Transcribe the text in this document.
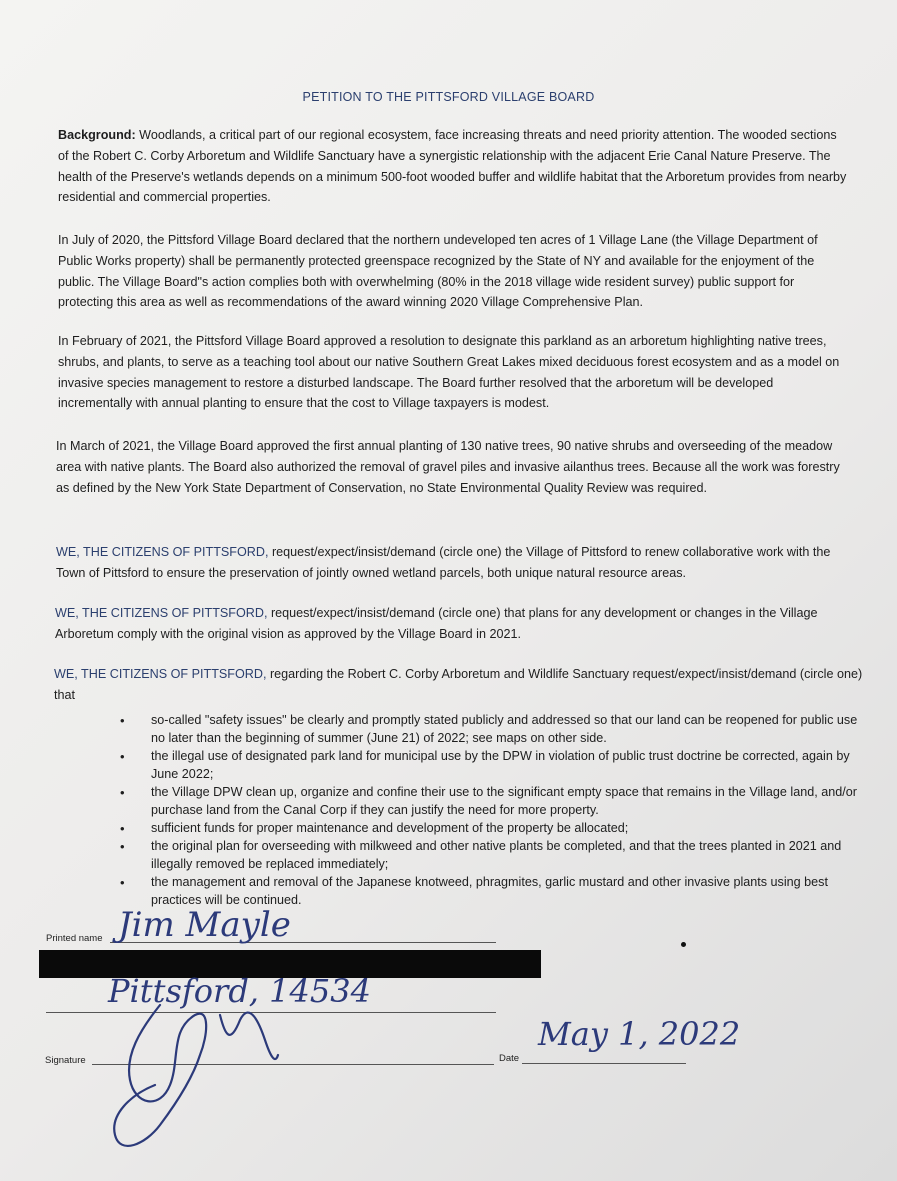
PETITION TO THE PITTSFORD VILLAGE BOARD

Background: Woodlands, a critical part of our regional ecosystem, face increasing threats and need priority attention. The wooded sections of the Robert C. Corby Arboretum and Wildlife Sanctuary have a synergistic relationship with the adjacent Erie Canal Nature Preserve. The health of the Preserve's wetlands depends on a minimum 500-foot wooded buffer and wildlife habitat that the Arboretum provides from nearby residential and commercial properties.

In July of 2020, the Pittsford Village Board declared that the northern undeveloped ten acres of 1 Village Lane (the Village Department of Public Works property) shall be permanently protected greenspace recognized by the State of NY and available for the enjoyment of the public. The Village Board"s action complies both with overwhelming (80% in the 2018 village wide resident survey) public support for protecting this area as well as recommendations of the award winning 2020 Village Comprehensive Plan.

In February of 2021, the Pittsford Village Board approved a resolution to designate this parkland as an arboretum highlighting native trees, shrubs, and plants, to serve as a teaching tool about our native Southern Great Lakes mixed deciduous forest ecosystem and as a model on invasive species management to restore a disturbed landscape. The Board further resolved that the arboretum will be developed incrementally with annual planting to ensure that the cost to Village taxpayers is modest.

In March of 2021, the Village Board approved the first annual planting of 130 native trees, 90 native shrubs and overseeding of the meadow area with native plants. The Board also authorized the removal of gravel piles and invasive ailanthus trees. Because all the work was forestry as defined by the New York State Department of Conservation, no State Environmental Quality Review was required.

WE, THE CITIZENS OF PITTSFORD, request/expect/insist/demand (circle one) the Village of Pittsford to renew collaborative work with the Town of Pittsford to ensure the preservation of jointly owned wetland parcels, both unique natural resource areas.

WE, THE CITIZENS OF PITTSFORD, request/expect/insist/demand (circle one) that plans for any development or changes in the Village Arboretum comply with the original vision as approved by the Village Board in 2021.

WE, THE CITIZENS OF PITTSFORD, regarding the Robert C. Corby Arboretum and Wildlife Sanctuary request/expect/insist/demand (circle one) that

• so-called "safety issues" be clearly and promptly stated publicly and addressed so that our land can be reopened for public use no later than the beginning of summer (June 21) of 2022; see maps on other side.
• the illegal use of designated park land for municipal use by the DPW in violation of public trust doctrine be corrected, again by June 2022;
• the Village DPW clean up, organize and confine their use to the significant empty space that remains in the Village land, and/or purchase land from the Canal Corp if they can justify the need for more property.
• sufficient funds for proper maintenance and development of the property be allocated;
• the original plan for overseeding with milkweed and other native plants be completed, and that the trees planted in 2021 and illegally removed be replaced immediately;
• the management and removal of the Japanese knotweed, phragmites, garlic mustard and other invasive plants using best practices will be continued.
Printed name Jim Mayle
Pittsford, 14534
Signature	Date
May 1, 2022
